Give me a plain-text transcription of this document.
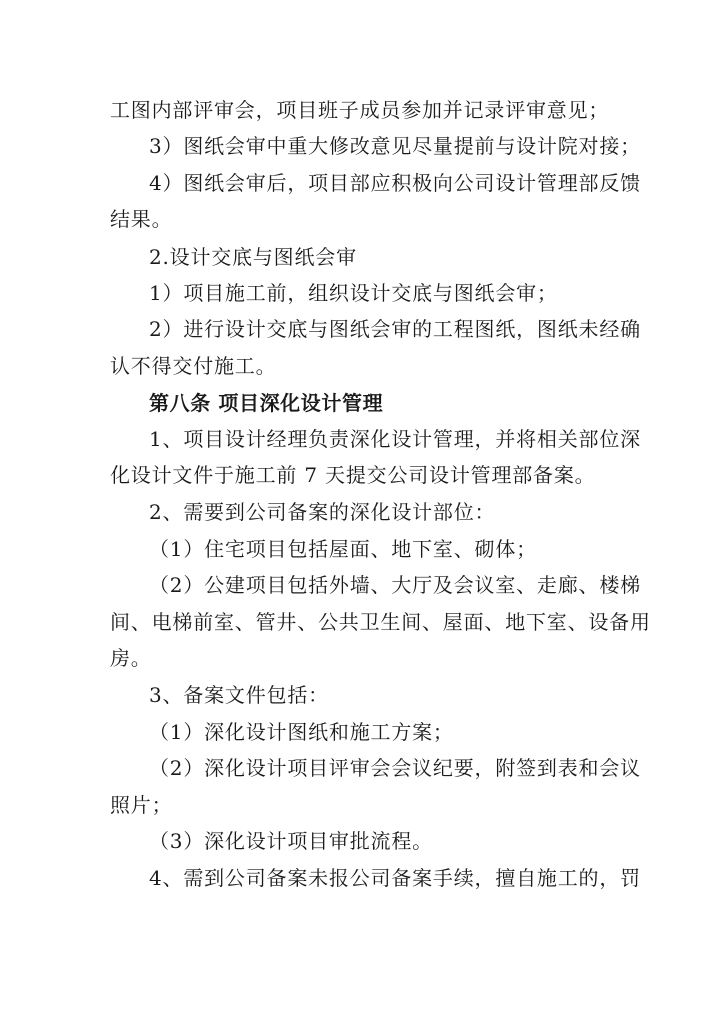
工图内部评审会，项目班子成员参加并记录评审意见；
3）图纸会审中重大修改意见尽量提前与设计院对接；
4）图纸会审后，项目部应积极向公司设计管理部反馈
结果。
2.设计交底与图纸会审
1）项目施工前，组织设计交底与图纸会审；
2）进行设计交底与图纸会审的工程图纸，图纸未经确
认不得交付施工。
第八条 项目深化设计管理
1、项目设计经理负责深化设计管理，并将相关部位深
化设计文件于施工前 7 天提交公司设计管理部备案。
2、需要到公司备案的深化设计部位：
（1）住宅项目包括屋面、地下室、砌体；
（2）公建项目包括外墙、大厅及会议室、走廊、楼梯
间、电梯前室、管井、公共卫生间、屋面、地下室、设备用
房。
3、备案文件包括：
（1）深化设计图纸和施工方案；
（2）深化设计项目评审会会议纪要，附签到表和会议
照片；
（3）深化设计项目审批流程。
4、需到公司备案未报公司备案手续，擅自施工的，罚
